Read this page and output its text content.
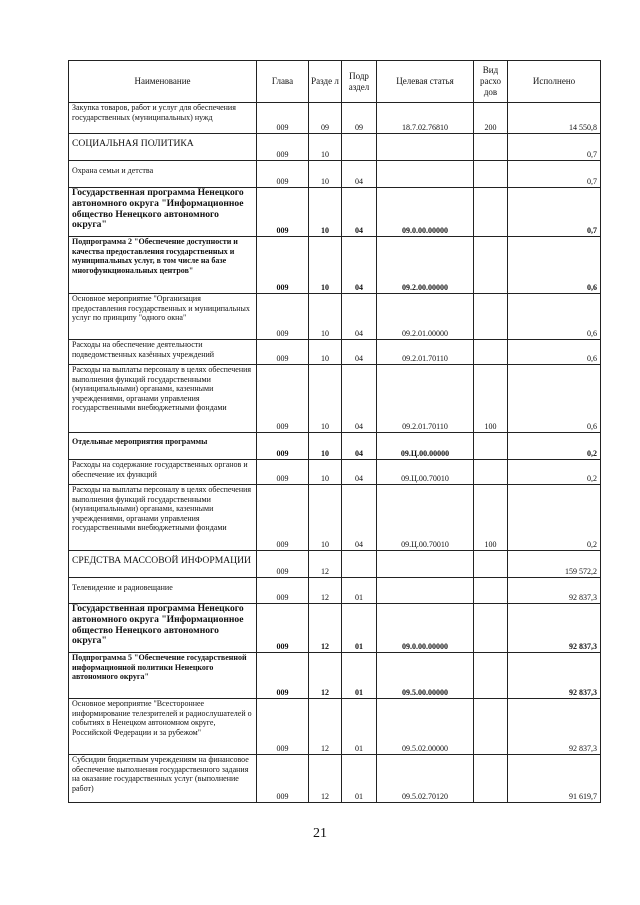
Наименование	Глава	Разде л	Подр аздел	Целевая статья	Вид расхо дов	Исполнено
Закупка товаров, работ и услуг для обеспечения государственных (муниципальных) нужд	009	09	09	18.7.02.76810	200	14 550,8
СОЦИАЛЬНАЯ ПОЛИТИКА	009	10				0,7
Охрана семьи и детства	009	10	04			0,7
Государственная программа Ненецкого автономного округа "Информационное общество Ненецкого автономного округа"	009	10	04	09.0.00.00000		0,7
Подпрограмма 2 "Обеспечение доступности и качества предоставления государственных и муниципальных услуг, в том числе на базе многофункциональных центров"	009	10	04	09.2.00.00000		0,6
Основное мероприятие "Организация предоставления государственных и муниципальных услуг по принципу "одного окна"	009	10	04	09.2.01.00000		0,6
Расходы на обеспечение деятельности подведомственных казённых учреждений	009	10	04	09.2.01.70110		0,6
Расходы на выплаты персоналу в целях обеспечения выполнения функций государственными (муниципальными) органами, казенными учреждениями, органами управления государственными внебюджетными фондами	009	10	04	09.2.01.70110	100	0,6
Отдельные мероприятия программы	009	10	04	09.Ц.00.00000		0,2
Расходы на содержание государственных органов и обеспечение их функций	009	10	04	09.Ц.00.70010		0,2
Расходы на выплаты персоналу в целях обеспечения выполнения функций государственными (муниципальными) органами, казенными учреждениями, органами управления государственными внебюджетными фондами	009	10	04	09.Ц.00.70010	100	0,2
СРЕДСТВА МАССОВОЙ ИНФОРМАЦИИ	009	12				159 572,2
Телевидение и радиовещание	009	12	01			92 837,3
Государственная программа Ненецкого автономного округа "Информационное общество Ненецкого автономного округа"	009	12	01	09.0.00.00000		92 837,3
Подпрограмма 5 "Обеспечение государственной информационной политики Ненецкого автономного округа"	009	12	01	09.5.00.00000		92 837,3
Основное мероприятие "Всестороннее информирование телезрителей и радиослушателей о событиях в Ненецком автономном округе, Российской Федерации и за рубежом"	009	12	01	09.5.02.00000		92 837,3
Субсидии бюджетным учреждениям на финансовое обеспечение выполнения государственного задания на оказание государственных услуг (выполнение работ)	009	12	01	09.5.02.70120		91 619,7
21
